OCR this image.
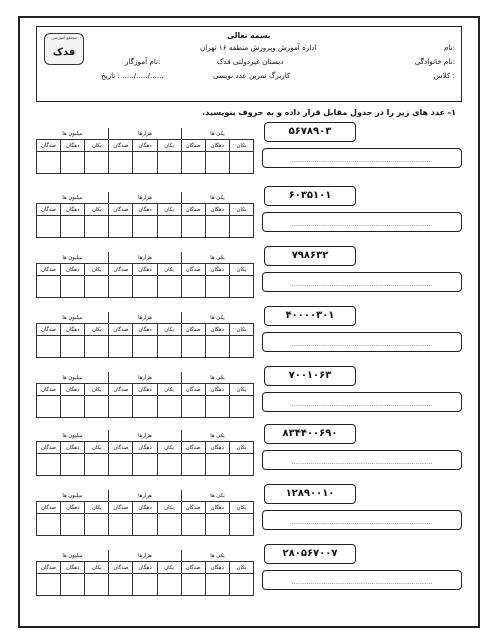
بسمه تعالی
اداره آموزش وپرورش منطقه ۱۶ تهران
دبستان غیردولتی فدک
کاربرگ تمرین عدد نویسی
نام:
نام خانوادگی:
کلاس :
نام آموزگار:
تاریخ : ...../...../......
مجتمع آموزشی
فدک
۱- عدد های زیر را در جدول مقابل قرار داده و به حروف بنویسید.
یکی ها			هزارها			میلیون ها		
یکان	دهگان	صدگان	یکان	دهگان	صدگان	یکان	دهگان	صدگان

۵۶۷۸۹۰۳
..........................................................................
یکی ها			هزارها			میلیون ها		
یکان	دهگان	صدگان	یکان	دهگان	صدگان	یکان	دهگان	صدگان

۶۰۳۵۱۰۱
..........................................................................
یکی ها			هزارها			میلیون ها		
یکان	دهگان	صدگان	یکان	دهگان	صدگان	یکان	دهگان	صدگان

۷۹۸۶۳۲
..........................................................................
یکی ها			هزارها			میلیون ها		
یکان	دهگان	صدگان	یکان	دهگان	صدگان	یکان	دهگان	صدگان

۴۰۰۰۰۳۰۱
..........................................................................
یکی ها			هزارها			میلیون ها		
یکان	دهگان	صدگان	یکان	دهگان	صدگان	یکان	دهگان	صدگان

۷۰۰۱۰۶۳
..........................................................................
یکی ها			هزارها			میلیون ها		
یکان	دهگان	صدگان	یکان	دهگان	صدگان	یکان	دهگان	صدگان

۸۳۴۴۰۰۶۹۰
..........................................................................
یکی ها			هزارها			میلیون ها		
یکان	دهگان	صدگان	یکان	دهگان	صدگان	یکان	دهگان	صدگان

۱۲۸۹۰۰۱۰
..........................................................................
یکی ها			هزارها			میلیون ها		
یکان	دهگان	صدگان	یکان	دهگان	صدگان	یکان	دهگان	صدگان

۲۸۰۵۶۷۰۰۷
..........................................................................
